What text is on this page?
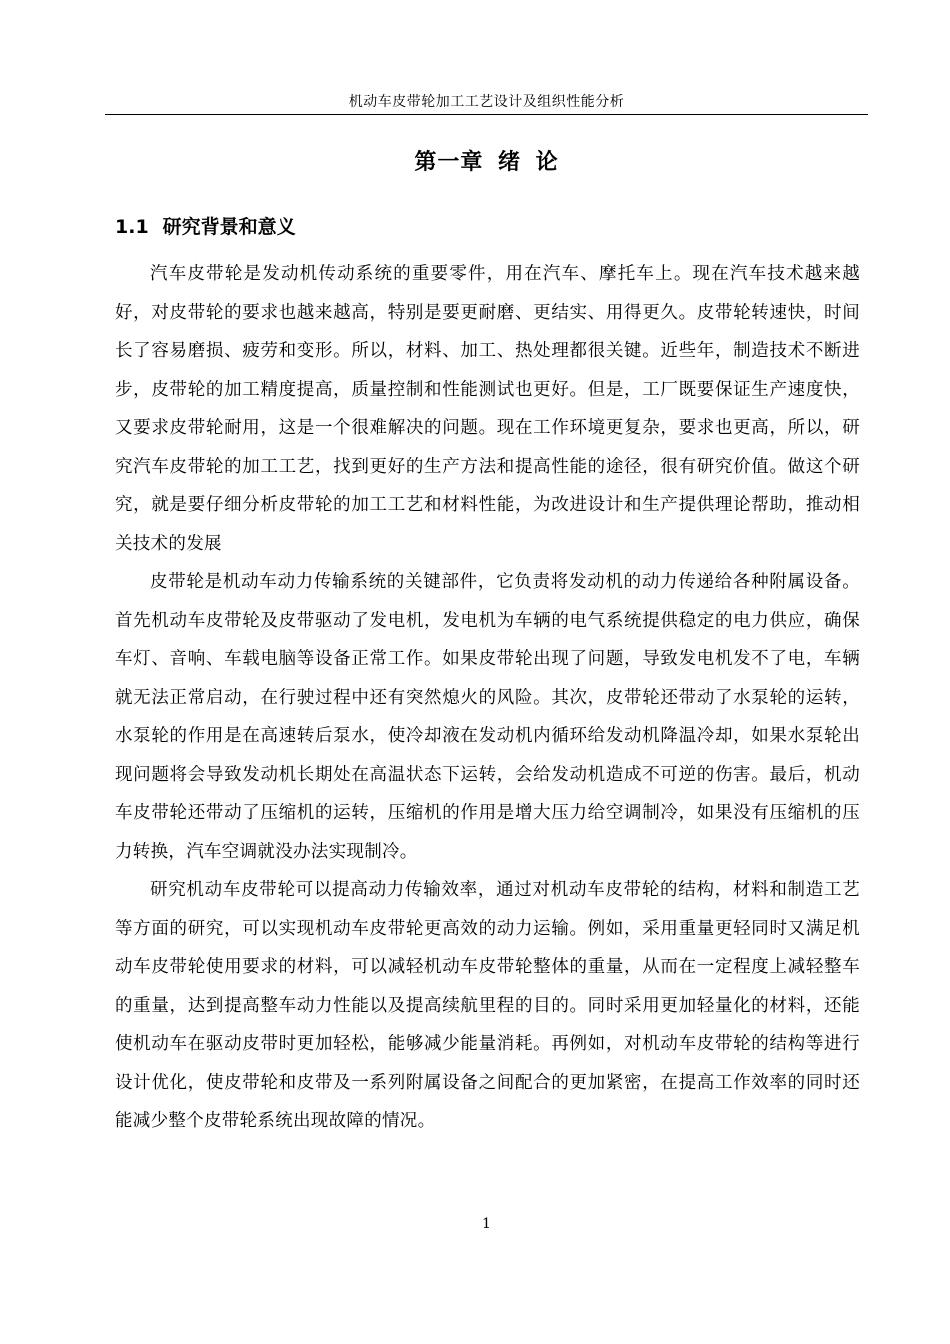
机动车皮带轮加工工艺设计及组织性能分析
第一章 绪 论
1.1 研究背景和意义

汽车皮带轮是发动机传动系统的重要零件，用在汽车、摩托车上。现在汽车技术越来越好，对皮带轮的要求也越来越高，特别是要更耐磨、更结实、用得更久。皮带轮转速快，时间长了容易磨损、疲劳和变形。所以，材料、加工、热处理都很关键。近些年，制造技术不断进步，皮带轮的加工精度提高，质量控制和性能测试也更好。但是，工厂既要保证生产速度快，又要求皮带轮耐用，这是一个很难解决的问题。现在工作环境更复杂，要求也更高，所以，研究汽车皮带轮的加工工艺，找到更好的生产方法和提高性能的途径，很有研究价值。做这个研究，就是要仔细分析皮带轮的加工工艺和材料性能，为改进设计和生产提供理论帮助，推动相关技术的发展

皮带轮是机动车动力传输系统的关键部件，它负责将发动机的动力传递给各种附属设备。首先机动车皮带轮及皮带驱动了发电机，发电机为车辆的电气系统提供稳定的电力供应，确保车灯、音响、车载电脑等设备正常工作。如果皮带轮出现了问题，导致发电机发不了电，车辆就无法正常启动，在行驶过程中还有突然熄火的风险。其次，皮带轮还带动了水泵轮的运转，水泵轮的作用是在高速转后泵水，使冷却液在发动机内循环给发动机降温冷却，如果水泵轮出现问题将会导致发动机长期处在高温状态下运转，会给发动机造成不可逆的伤害。最后，机动车皮带轮还带动了压缩机的运转，压缩机的作用是增大压力给空调制冷，如果没有压缩机的压力转换，汽车空调就没办法实现制冷。

研究机动车皮带轮可以提高动力传输效率，通过对机动车皮带轮的结构，材料和制造工艺等方面的研究，可以实现机动车皮带轮更高效的动力运输。例如，采用重量更轻同时又满足机动车皮带轮使用要求的材料，可以减轻机动车皮带轮整体的重量，从而在一定程度上减轻整车的重量，达到提高整车动力性能以及提高续航里程的目的。同时采用更加轻量化的材料，还能使机动车在驱动皮带时更加轻松，能够减少能量消耗。再例如，对机动车皮带轮的结构等进行设计优化，使皮带轮和皮带及一系列附属设备之间配合的更加紧密，在提高工作效率的同时还能减少整个皮带轮系统出现故障的情况。

1
